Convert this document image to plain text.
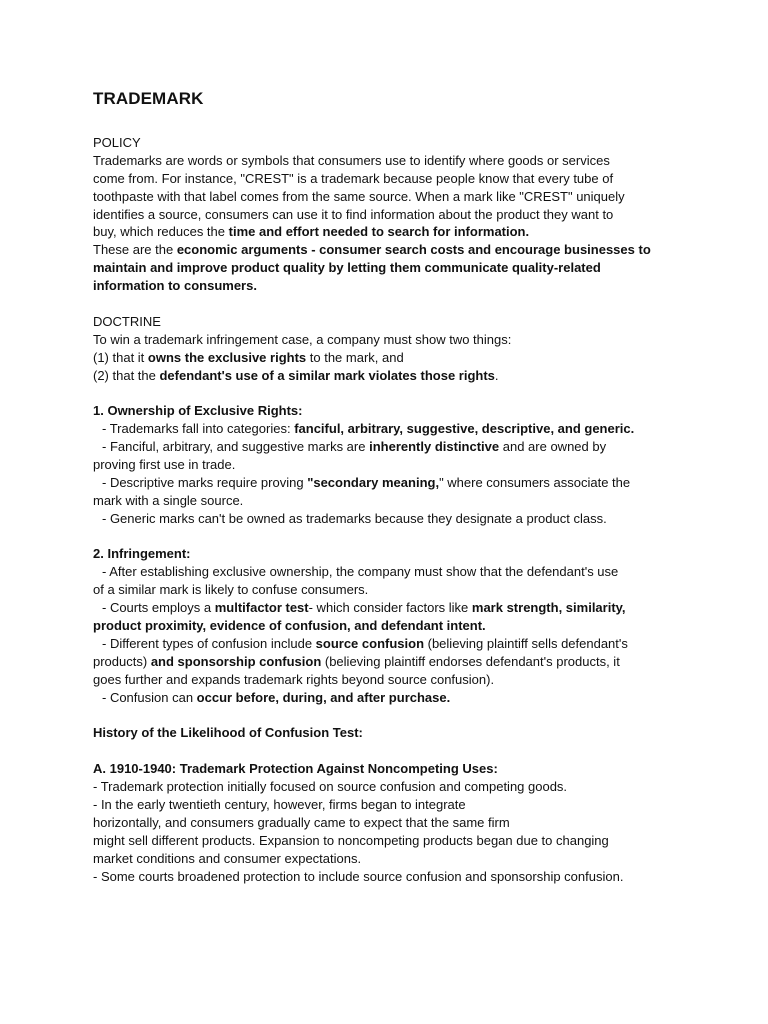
TRADEMARK
POLICY
Trademarks are words or symbols that consumers use to identify where goods or services
come from. For instance, "CREST" is a trademark because people know that every tube of
toothpaste with that label comes from the same source. When a mark like "CREST" uniquely
identifies a source, consumers can use it to find information about the product they want to
buy, which reduces the time and effort needed to search for information.
These are the economic arguments - consumer search costs and encourage businesses to
maintain and improve product quality by letting them communicate quality-related
information to consumers.
DOCTRINE
To win a trademark infringement case, a company must show two things:
(1) that it owns the exclusive rights to the mark, and
(2) that the defendant's use of a similar mark violates those rights.
1. Ownership of Exclusive Rights:
- Trademarks fall into categories: fanciful, arbitrary, suggestive, descriptive, and generic.
- Fanciful, arbitrary, and suggestive marks are inherently distinctive and are owned by
proving first use in trade.
- Descriptive marks require proving "secondary meaning," where consumers associate the
mark with a single source.
- Generic marks can't be owned as trademarks because they designate a product class.
2. Infringement:
- After establishing exclusive ownership, the company must show that the defendant's use
of a similar mark is likely to confuse consumers.
- Courts employs a multifactor test- which consider factors like mark strength, similarity,
product proximity, evidence of confusion, and defendant intent.
- Different types of confusion include source confusion (believing plaintiff sells defendant's
products) and sponsorship confusion (believing plaintiff endorses defendant's products, it
goes further and expands trademark rights beyond source confusion).
- Confusion can occur before, during, and after purchase.
History of the Likelihood of Confusion Test:
A. 1910-1940: Trademark Protection Against Noncompeting Uses:
- Trademark protection initially focused on source confusion and competing goods.
- In the early twentieth century, however, firms began to integrate
horizontally, and consumers gradually came to expect that the same firm
might sell different products. Expansion to noncompeting products began due to changing
market conditions and consumer expectations.
- Some courts broadened protection to include source confusion and sponsorship confusion.
